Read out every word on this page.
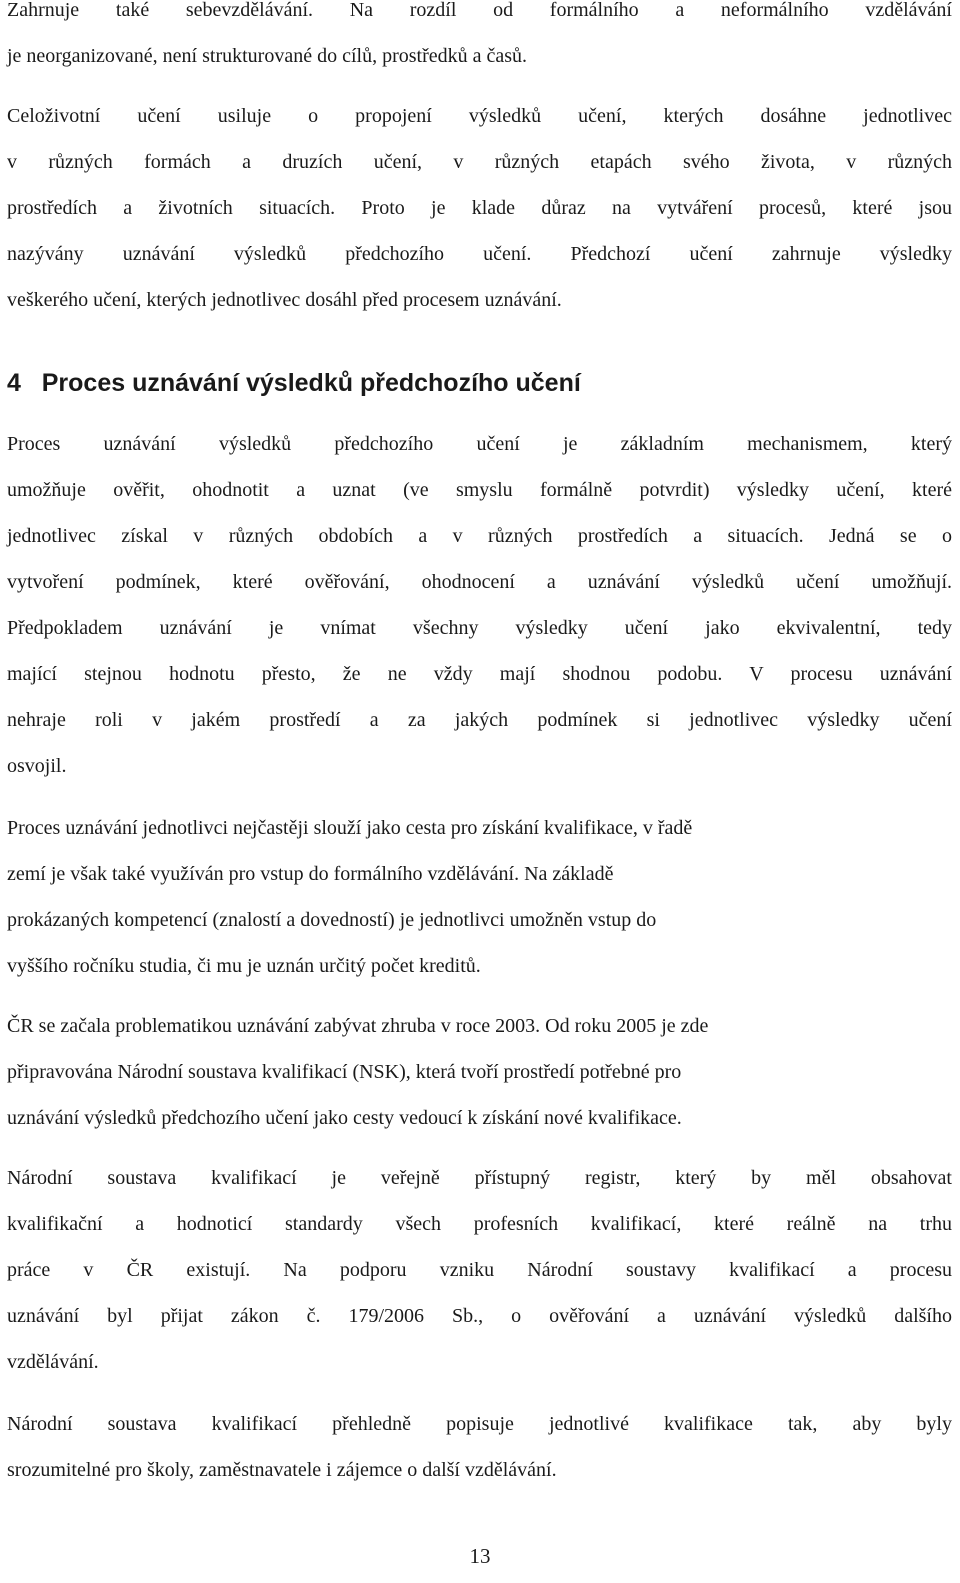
Zahrnuje také sebevzdělávání. Na rozdíl od formálního a neformálního vzdělávání
je neorganizované, není strukturované do cílů, prostředků a časů.
Celoživotní učení usiluje o propojení výsledků učení, kterých dosáhne jednotlivec
v různých formách a druzích učení, v různých etapách svého života, v různých
prostředích a životních situacích. Proto je klade důraz na vytváření procesů, které jsou
nazývány uznávání výsledků předchozího učení. Předchozí učení zahrnuje výsledky
veškerého učení, kterých jednotlivec dosáhl před procesem uznávání.
4 Proces uznávání výsledků předchozího učení
Proces uznávání výsledků předchozího učení je základním mechanismem, který
umožňuje ověřit, ohodnotit a uznat (ve smyslu formálně potvrdit) výsledky učení, které
jednotlivec získal v různých obdobích a v různých prostředích a situacích. Jedná se o
vytvoření podmínek, které ověřování, ohodnocení a uznávání výsledků učení umožňují.
Předpokladem uznávání je vnímat všechny výsledky učení jako ekvivalentní, tedy
mající stejnou hodnotu přesto, že ne vždy mají shodnou podobu. V procesu uznávání
nehraje roli v jakém prostředí a za jakých podmínek si jednotlivec výsledky učení
osvojil.
Proces uznávání jednotlivci nejčastěji slouží jako cesta pro získání kvalifikace, v řadě
zemí je však také využíván pro vstup do formálního vzdělávání. Na základě
prokázaných kompetencí (znalostí a dovedností) je jednotlivci umožněn vstup do
vyššího ročníku studia, či mu je uznán určitý počet kreditů.
ČR se začala problematikou uznávání zabývat zhruba v roce 2003. Od roku 2005 je zde
připravována Národní soustava kvalifikací (NSK), která tvoří prostředí potřebné pro
uznávání výsledků předchozího učení jako cesty vedoucí k získání nové kvalifikace.
Národní soustava kvalifikací je veřejně přístupný registr, který by měl obsahovat
kvalifikační a hodnoticí standardy všech profesních kvalifikací, které reálně na trhu
práce v ČR existují. Na podporu vzniku Národní soustavy kvalifikací a procesu
uznávání byl přijat zákon č. 179/2006 Sb., o ověřování a uznávání výsledků dalšího
vzdělávání.
Národní soustava kvalifikací přehledně popisuje jednotlivé kvalifikace tak, aby byly
srozumitelné pro školy, zaměstnavatele i zájemce o další vzdělávání.
13
